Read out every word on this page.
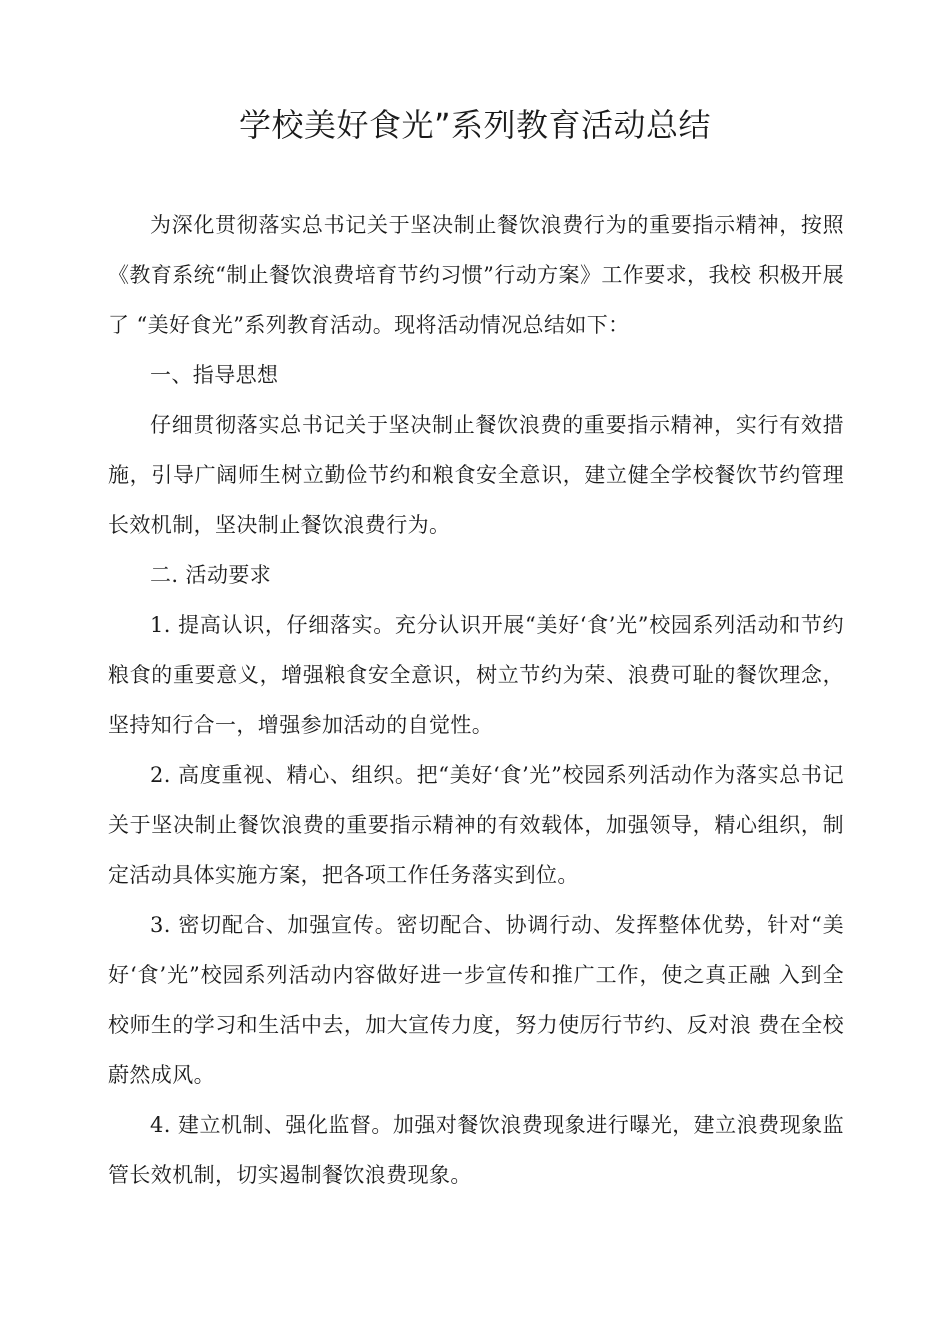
学校美好食光”系列教育活动总结

为深化贯彻落实总书记关于坚决制止餐饮浪费行为的重要指示精神，按照《教育系统“制止餐饮浪费培育节约习惯”行动方案》工作要求，我校 积极开展了 “美好食光”系列教育活动。现将活动情况总结如下：

一、指导思想

仔细贯彻落实总书记关于坚决制止餐饮浪费的重要指示精神，实行有效措施，引导广阔师生树立勤俭节约和粮食安全意识，建立健全学校餐饮节约管理长效机制，坚决制止餐饮浪费行为。

二. 活动要求

1. 提高认识，仔细落实。充分认识开展“美好‘食’光”校园系列活动和节约粮食的重要意义，增强粮食安全意识，树立节约为荣、浪费可耻的餐饮理念，坚持知行合一，增强参加活动的自觉性。

2. 高度重视、精心、组织。把“美好‘食’光”校园系列活动作为落实总书记关于坚决制止餐饮浪费的重要指示精神的有效载体，加强领导，精心组织，制定活动具体实施方案，把各项工作任务落实到位。

3. 密切配合、加强宣传。密切配合、协调行动、发挥整体优势，针对“美好‘食’光”校园系列活动内容做好进一步宣传和推广工作，使之真正融 入到全校师生的学习和生活中去，加大宣传力度，努力使厉行节约、反对浪 费在全校蔚然成风。

4. 建立机制、强化监督。加强对餐饮浪费现象进行曝光，建立浪费现象监管长效机制，切实遏制餐饮浪费现象。
